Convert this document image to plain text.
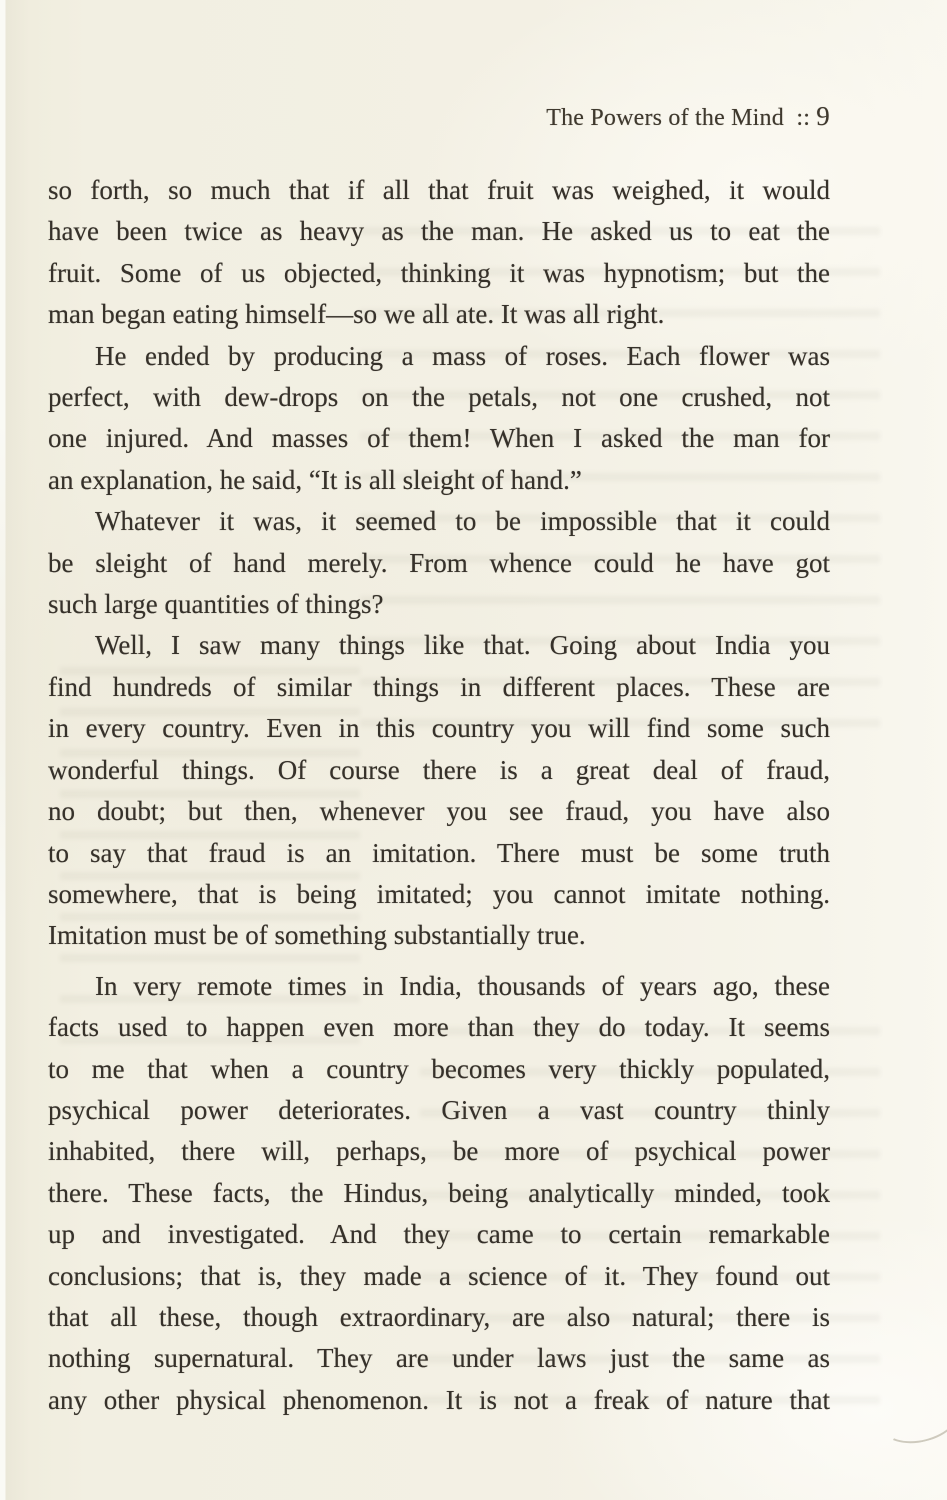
The Powers of the Mind :: 9
so forth, so much that if all that fruit was weighed, it would
have been twice as heavy as the man. He asked us to eat the
fruit. Some of us objected, thinking it was hypnotism; but the
man began eating himself—so we all ate. It was all right.
He ended by producing a mass of roses. Each flower was
perfect, with dew-drops on the petals, not one crushed, not
one injured. And masses of them! When I asked the man for
an explanation, he said, “It is all sleight of hand.”
Whatever it was, it seemed to be impossible that it could
be sleight of hand merely. From whence could he have got
such large quantities of things?
Well, I saw many things like that. Going about India you
find hundreds of similar things in different places. These are
in every country. Even in this country you will find some such
wonderful things. Of course there is a great deal of fraud,
no doubt; but then, whenever you see fraud, you have also
to say that fraud is an imitation. There must be some truth
somewhere, that is being imitated; you cannot imitate nothing.
Imitation must be of something substantially true.
In very remote times in India, thousands of years ago, these
facts used to happen even more than they do today. It seems
to me that when a country becomes very thickly populated,
psychical power deteriorates. Given a vast country thinly
inhabited, there will, perhaps, be more of psychical power
there. These facts, the Hindus, being analytically minded, took
up and investigated. And they came to certain remarkable
conclusions; that is, they made a science of it. They found out
that all these, though extraordinary, are also natural; there is
nothing supernatural. They are under laws just the same as
any other physical phenomenon. It is not a freak of nature that
